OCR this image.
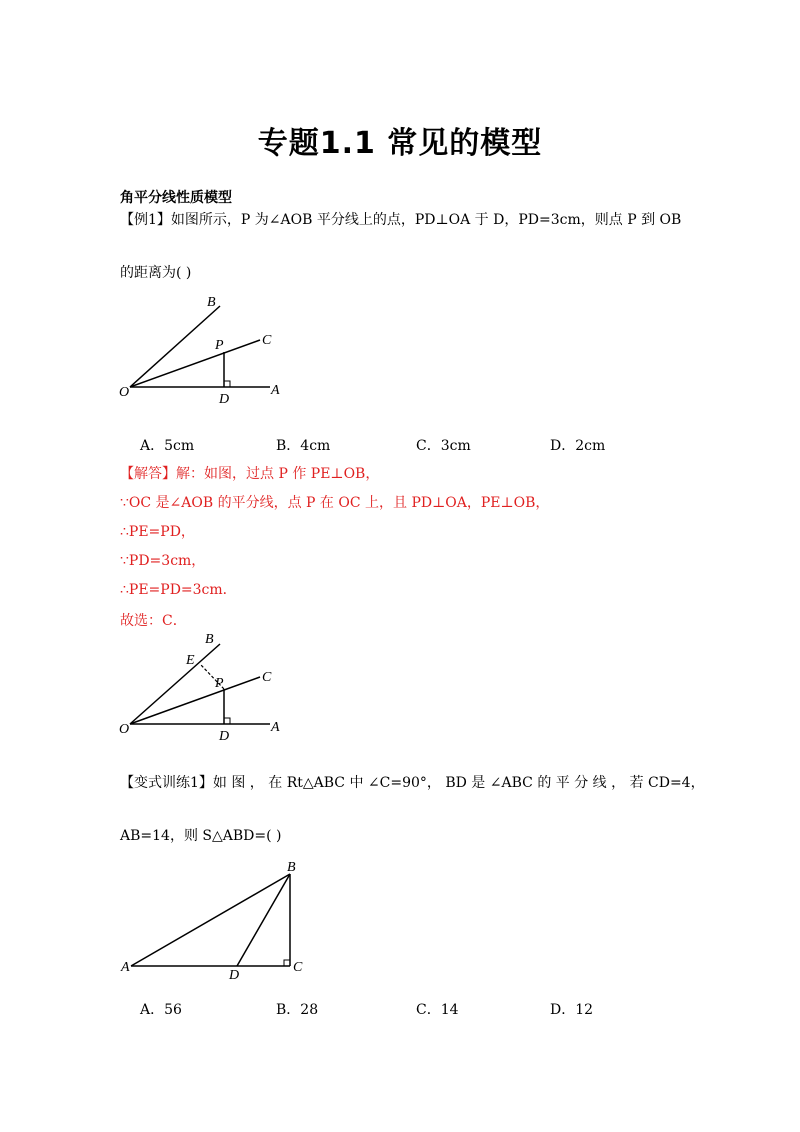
专题1.1 常见的模型
角平分线性质模型
【例1】如图所示，P 为∠AOB 平分线上的点，PD⊥OA 于 D，PD=3cm，则点 P 到 OB
的距离为( )
B
C
P
O	D
A
A．5cm	B．4cm	C．3cm	D．2cm
【解答】解：如图，过点 P 作 PE⊥OB，
∵OC 是∠AOB 的平分线，点 P 在 OC 上，且 PD⊥OA，PE⊥OB，
∴PE=PD，
∵PD=3cm，
∴PE=PD=3cm．
故选：C．
B
E
C
P
O	D
A
【变式训练1】如 图 ， 在 Rt△ABC 中 ∠C=90°， BD 是 ∠ABC 的 平 分 线 ， 若 CD=4，
AB=14，则 S△ABD=( )
B
A
D
C
A．56	B．28	C．14	D．12
